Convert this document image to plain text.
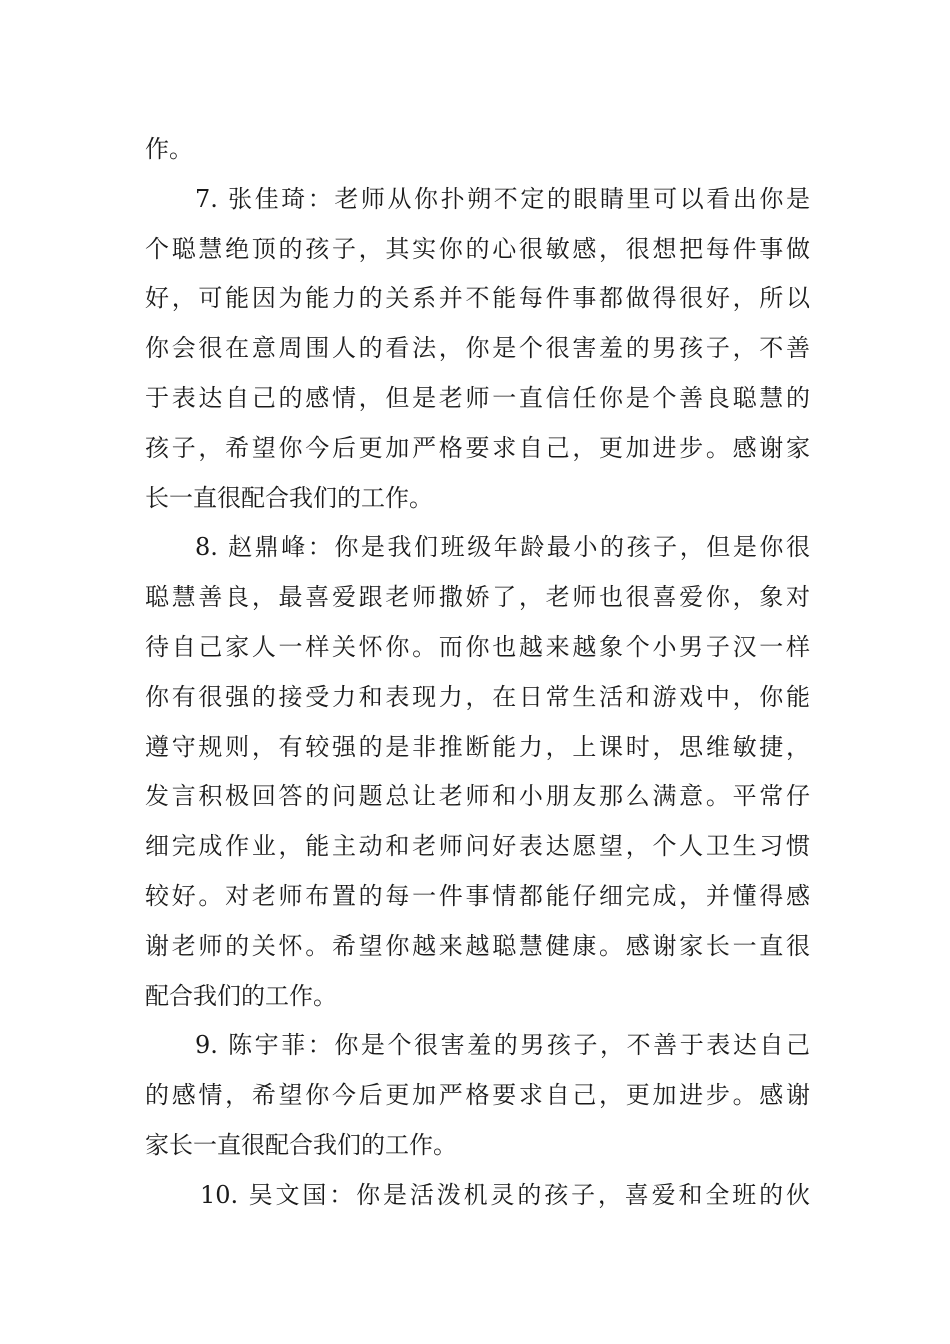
作。
7. 张佳琦：老师从你扑朔不定的眼睛里可以看出你是
个聪慧绝顶的孩子，其实你的心很敏感，很想把每件事做
好，可能因为能力的关系并不能每件事都做得很好，所以
你会很在意周围人的看法，你是个很害羞的男孩子，不善
于表达自己的感情，但是老师一直信任你是个善良聪慧的
孩子，希望你今后更加严格要求自己，更加进步。感谢家
长一直很配合我们的工作。
8. 赵鼎峰：你是我们班级年龄最小的孩子，但是你很
聪慧善良，最喜爱跟老师撒娇了，老师也很喜爱你，象对
待自己家人一样关怀你。而你也越来越象个小男子汉一样
你有很强的接受力和表现力，在日常生活和游戏中，你能
遵守规则，有较强的是非推断能力，上课时，思维敏捷，
发言积极回答的问题总让老师和小朋友那么满意。平常仔
细完成作业，能主动和老师问好表达愿望，个人卫生习惯
较好。对老师布置的每一件事情都能仔细完成，并懂得感
谢老师的关怀。希望你越来越聪慧健康。感谢家长一直很
配合我们的工作。
9. 陈宇菲：你是个很害羞的男孩子，不善于表达自己
的感情，希望你今后更加严格要求自己，更加进步。感谢
家长一直很配合我们的工作。
10. 吴文国：你是活泼机灵的孩子，喜爱和全班的伙
